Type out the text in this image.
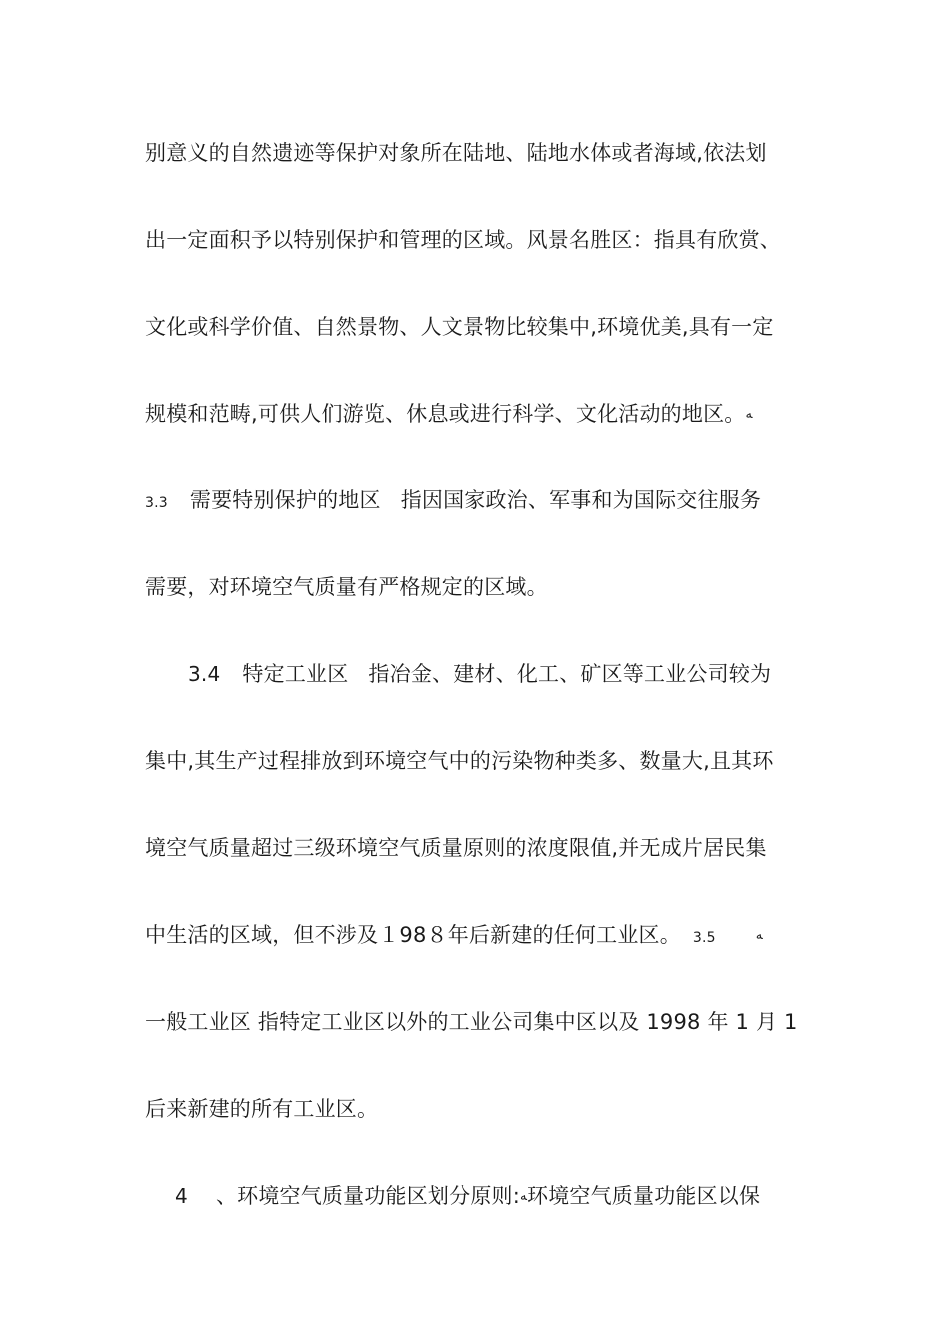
别意义的自然遗迹等保护对象所在陆地、陆地水体或者海域,依法划
出一定面积予以特别保护和管理的区域。风景名胜区：指具有欣赏、
文化或科学价值、自然景物、人文景物比较集中,环境优美,具有一定
规模和范畴,可供人们游览、休息或进行科学、文化活动的地区。ﻪ
3.3 需要特别保护的地区 指因国家政治、军事和为国际交往服务
需要，对环境空气质量有严格规定的区域。
3.4 特定工业区 指冶金、建材、化工、矿区等工业公司较为
集中,其生产过程排放到环境空气中的污染物种类多、数量大,且其环
境空气质量超过三级环境空气质量原则的浓度限值,并无成片居民集
中生活的区域，但不涉及１98８年后新建的任何工业区。 3.5	ﻪ
一般工业区 指特定工业区以外的工业公司集中区以及 1998 年 1 月 1
后来新建的所有工业区。
4 、环境空气质量功能区划分原则:ﻪ环境空气质量功能区以保
